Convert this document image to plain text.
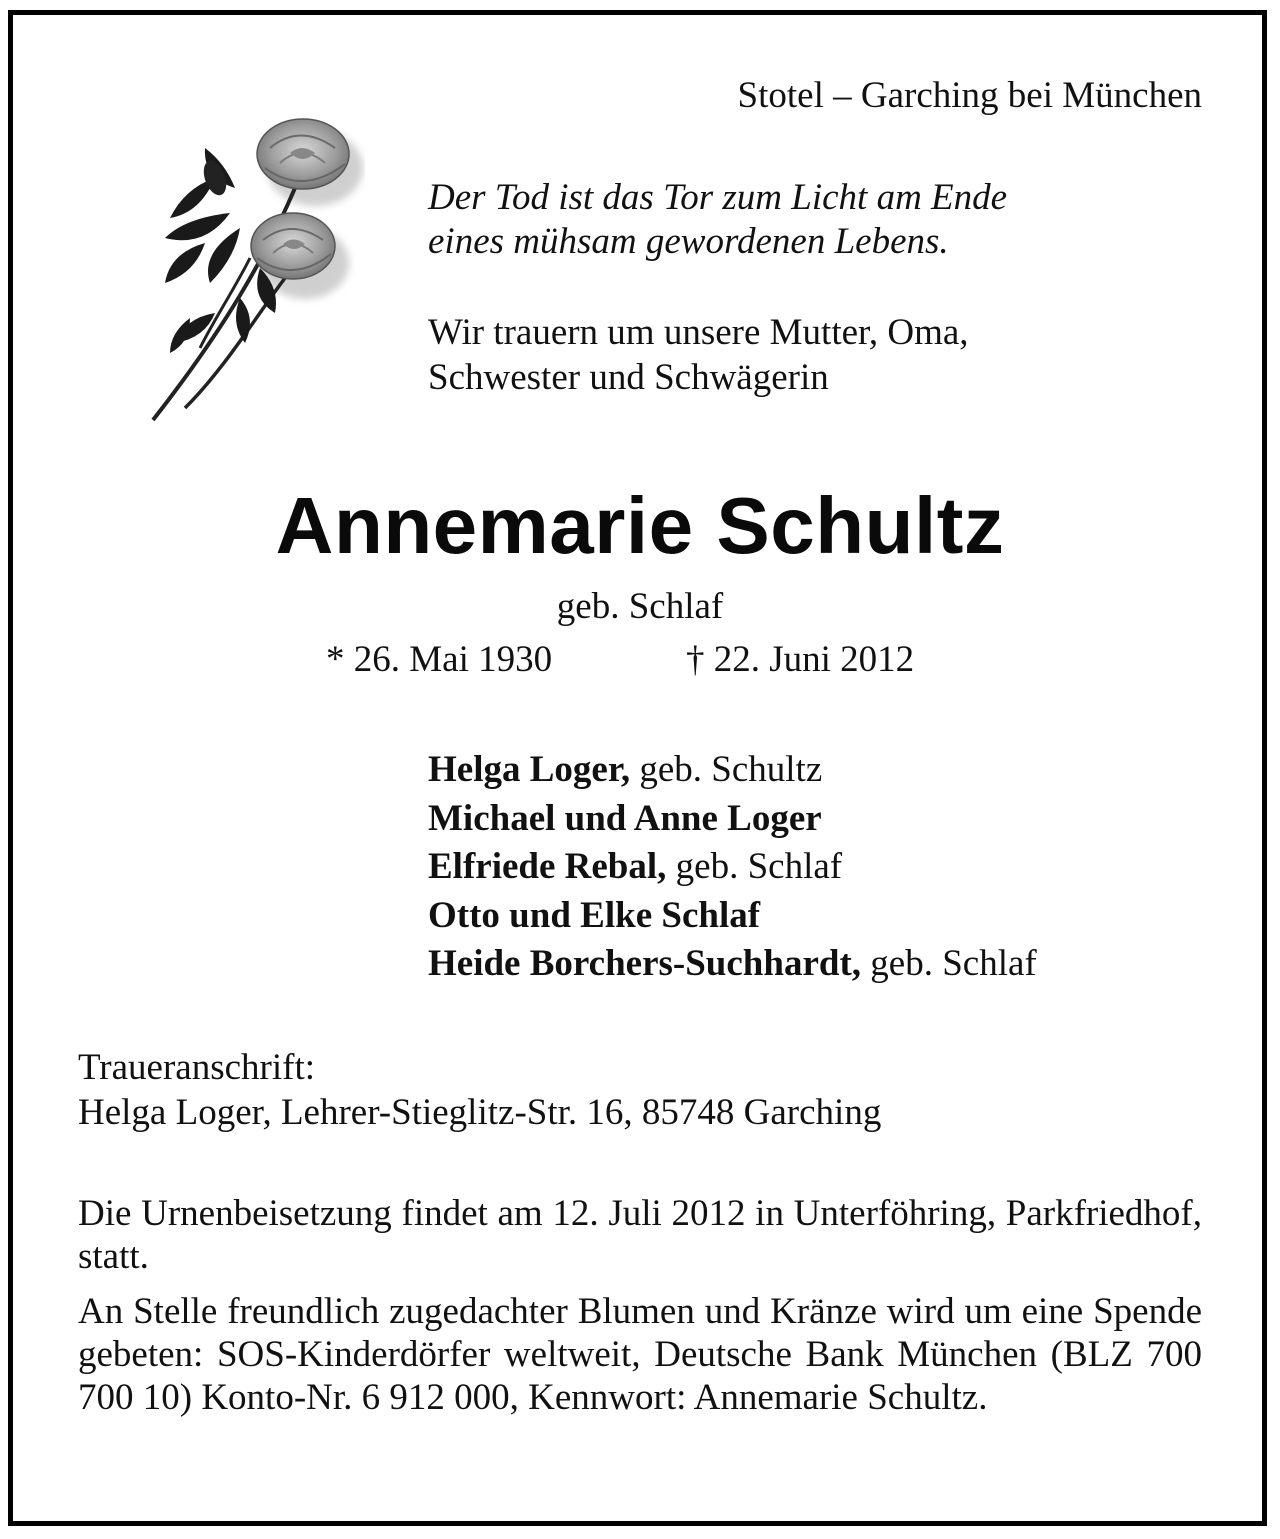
Stotel – Garching bei München
Der Tod ist das Tor zum Licht am Ende
eines mühsam gewordenen Lebens.
Wir trauern um unsere Mutter, Oma,
Schwester und Schwägerin
Annemarie Schultz
geb. Schlaf
* 26. Mai 1930	† 22. Juni 2012
Helga Loger, geb. Schultz
Michael und Anne Loger
Elfriede Rebal, geb. Schlaf
Otto und Elke Schlaf
Heide Borchers-Suchhardt, geb. Schlaf
Traueranschrift:
Helga Loger, Lehrer-Stieglitz-Str. 16, 85748 Garching
Die Urnenbeisetzung findet am 12. Juli 2012 in Unterföhring, Parkfriedhof, statt.
An Stelle freundlich zugedachter Blumen und Kränze wird um eine Spende gebeten: SOS-Kinderdörfer weltweit, Deutsche Bank München (BLZ 700 700 10) Konto-Nr. 6 912 000, Kennwort: Annemarie Schultz.
